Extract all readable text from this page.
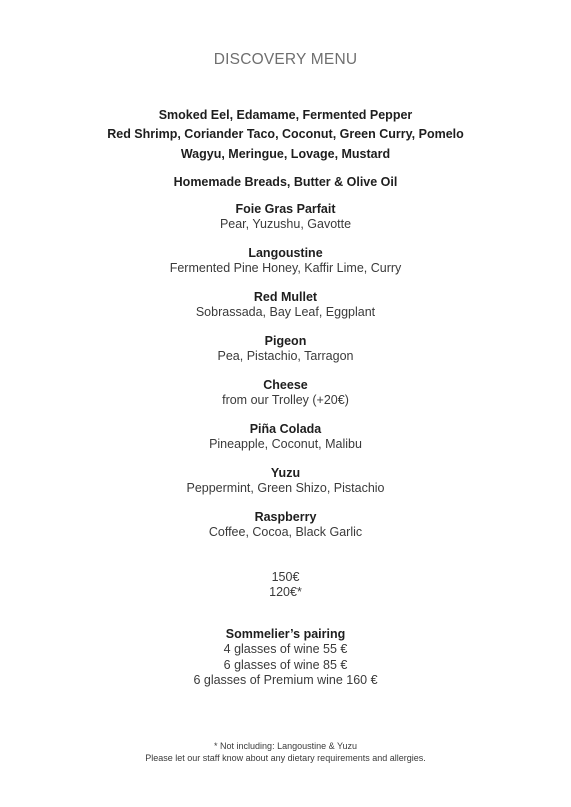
DISCOVERY MENU
Smoked Eel, Edamame, Fermented Pepper
Red Shrimp, Coriander Taco, Coconut, Green Curry, Pomelo
Wagyu, Meringue, Lovage, Mustard
Homemade Breads, Butter & Olive Oil
Foie Gras Parfait
Pear, Yuzushu, Gavotte
Langoustine
Fermented Pine Honey, Kaffir Lime, Curry
Red Mullet
Sobrassada, Bay Leaf, Eggplant
Pigeon
Pea, Pistachio, Tarragon
Cheese
from our Trolley (+20€)
Piña Colada
Pineapple, Coconut, Malibu
Yuzu
Peppermint, Green Shizo, Pistachio
Raspberry
Coffee, Cocoa, Black Garlic
150€
120€*
Sommelier’s pairing
4 glasses of wine 55 €
6 glasses of wine 85 €
6 glasses of Premium wine 160 €
* Not including: Langoustine & Yuzu
Please let our staff know about any dietary requirements and allergies.
